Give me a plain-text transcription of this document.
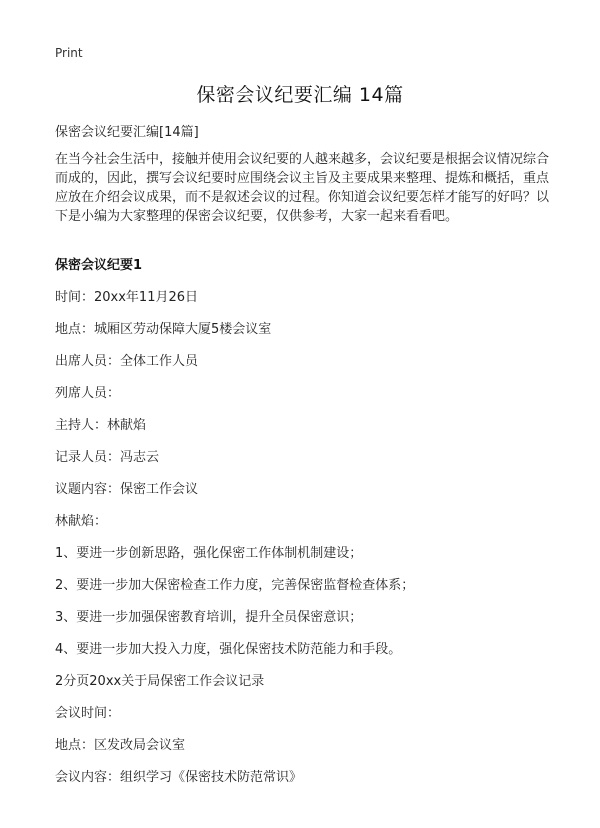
Print
保密会议纪要汇编 14篇
保密会议纪要汇编[14篇]
在当今社会生活中，接触并使用会议纪要的人越来越多，会议纪要是根据会议情况综合而成的，因此，撰写会议纪要时应围绕会议主旨及主要成果来整理、提炼和概括，重点应放在介绍会议成果，而不是叙述会议的过程。你知道会议纪要怎样才能写的好吗？以下是小编为大家整理的保密会议纪要，仅供参考，大家一起来看看吧。
保密会议纪要1
时间：20xx年11月26日
地点：城厢区劳动保障大厦5楼会议室
出席人员：全体工作人员
列席人员：
主持人：林献焰
记录人员：冯志云
议题内容：保密工作会议
林献焰：
1、要进一步创新思路，强化保密工作体制机制建设；
2、要进一步加大保密检查工作力度，完善保密监督检查体系；
3、要进一步加强保密教育培训，提升全员保密意识；
4、要进一步加大投入力度，强化保密技术防范能力和手段。
2分页20xx关于局保密工作会议记录
会议时间：
地点：区发改局会议室
会议内容：组织学习《保密技术防范常识》
